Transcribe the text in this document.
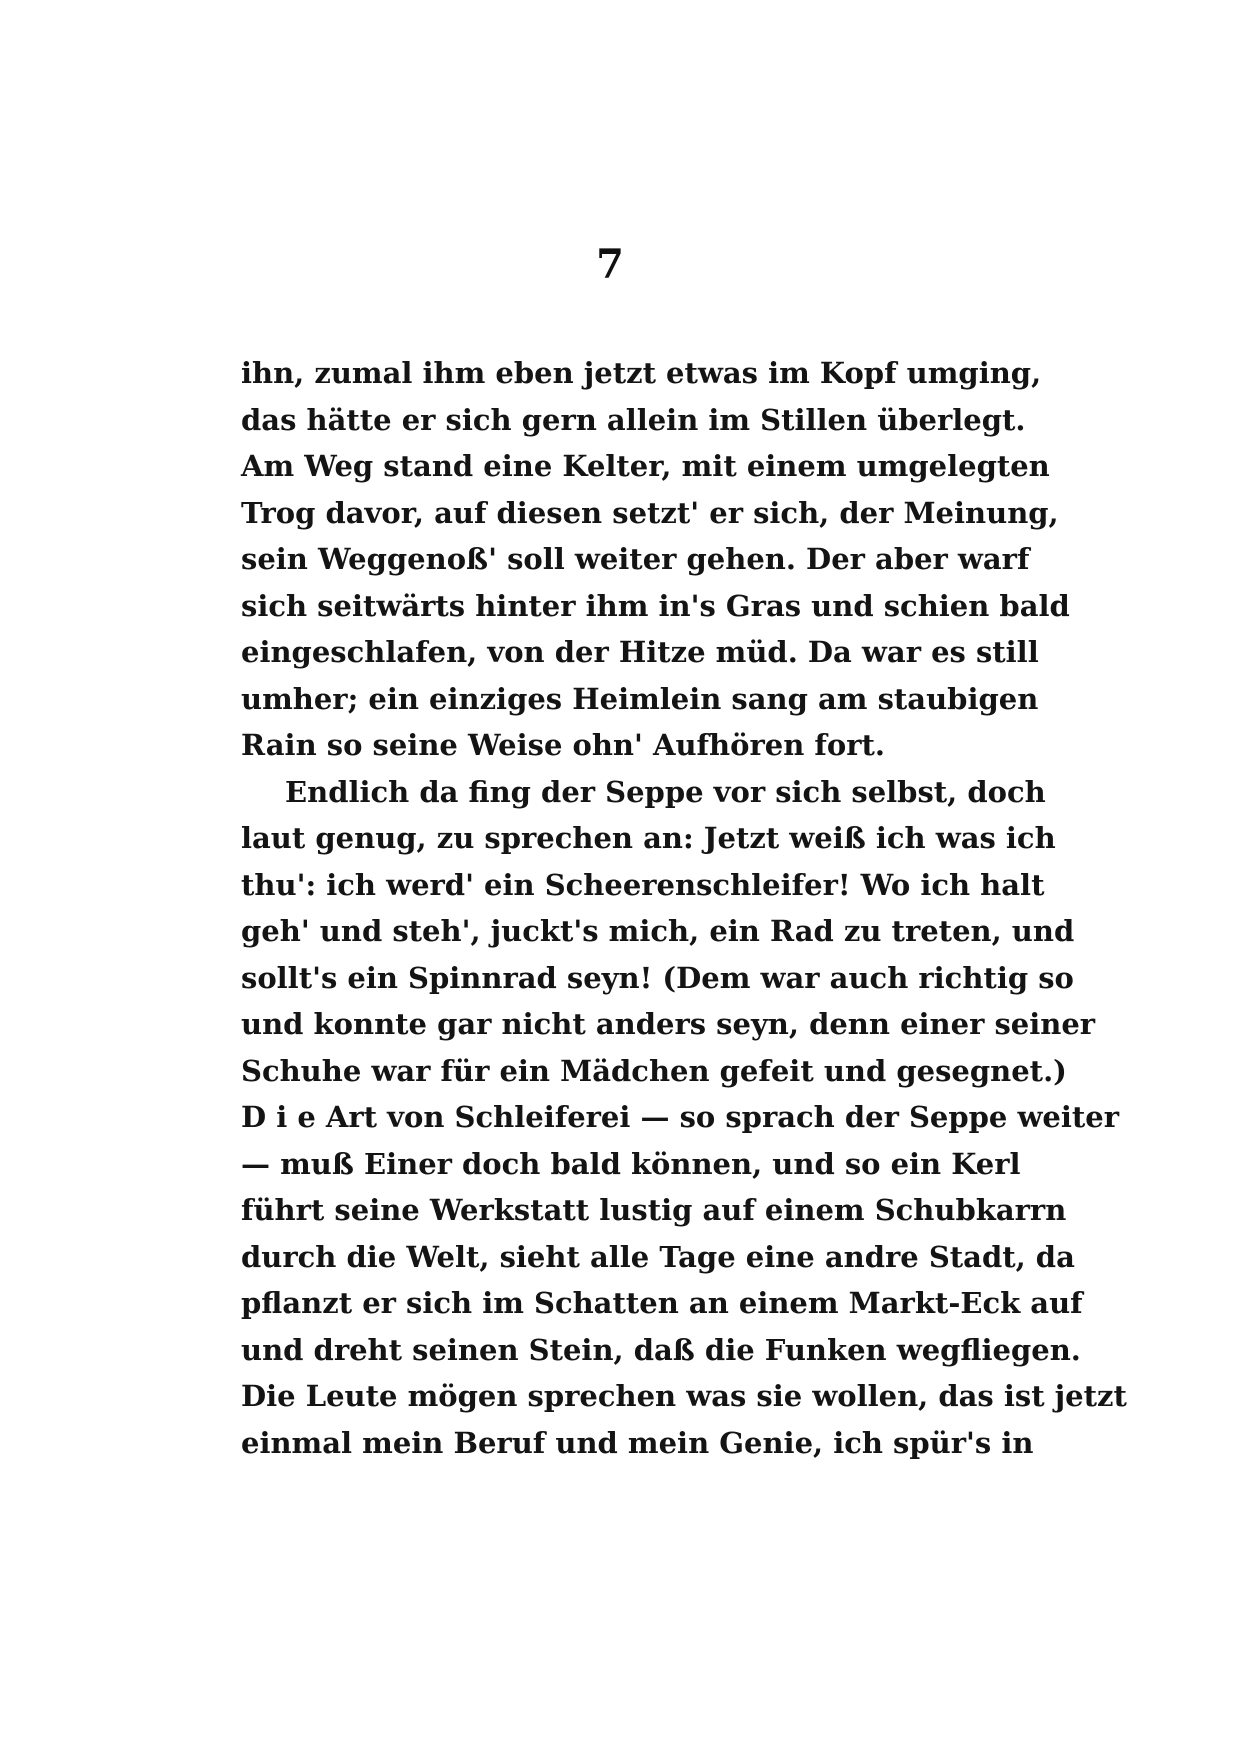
7
ihn, zumal ihm eben jetzt etwas im Kopf umging,
das hätte er sich gern allein im Stillen überlegt.
Am Weg stand eine Kelter, mit einem umgelegten
Trog davor, auf diesen setzt' er sich, der Meinung,
sein Weggenoß' soll weiter gehen. Der aber warf
sich seitwärts hinter ihm in's Gras und schien bald
eingeschlafen, von der Hitze müd. Da war es still
umher; ein einziges Heimlein sang am staubigen
Rain so seine Weise ohn' Aufhören fort.
Endlich da fing der Seppe vor sich selbst, doch
laut genug, zu sprechen an: Jetzt weiß ich was ich
thu': ich werd' ein Scheerenschleifer! Wo ich halt
geh' und steh', juckt's mich, ein Rad zu treten, und
sollt's ein Spinnrad seyn! (Dem war auch richtig so
und konnte gar nicht anders seyn, denn einer seiner
Schuhe war für ein Mädchen gefeit und gesegnet.)
D i e Art von Schleiferei — so sprach der Seppe weiter
— muß Einer doch bald können, und so ein Kerl
führt seine Werkstatt lustig auf einem Schubkarrn
durch die Welt, sieht alle Tage eine andre Stadt, da
pflanzt er sich im Schatten an einem Markt-Eck auf
und dreht seinen Stein, daß die Funken wegfliegen.
Die Leute mögen sprechen was sie wollen, das ist jetzt
einmal mein Beruf und mein Genie, ich spür's in
